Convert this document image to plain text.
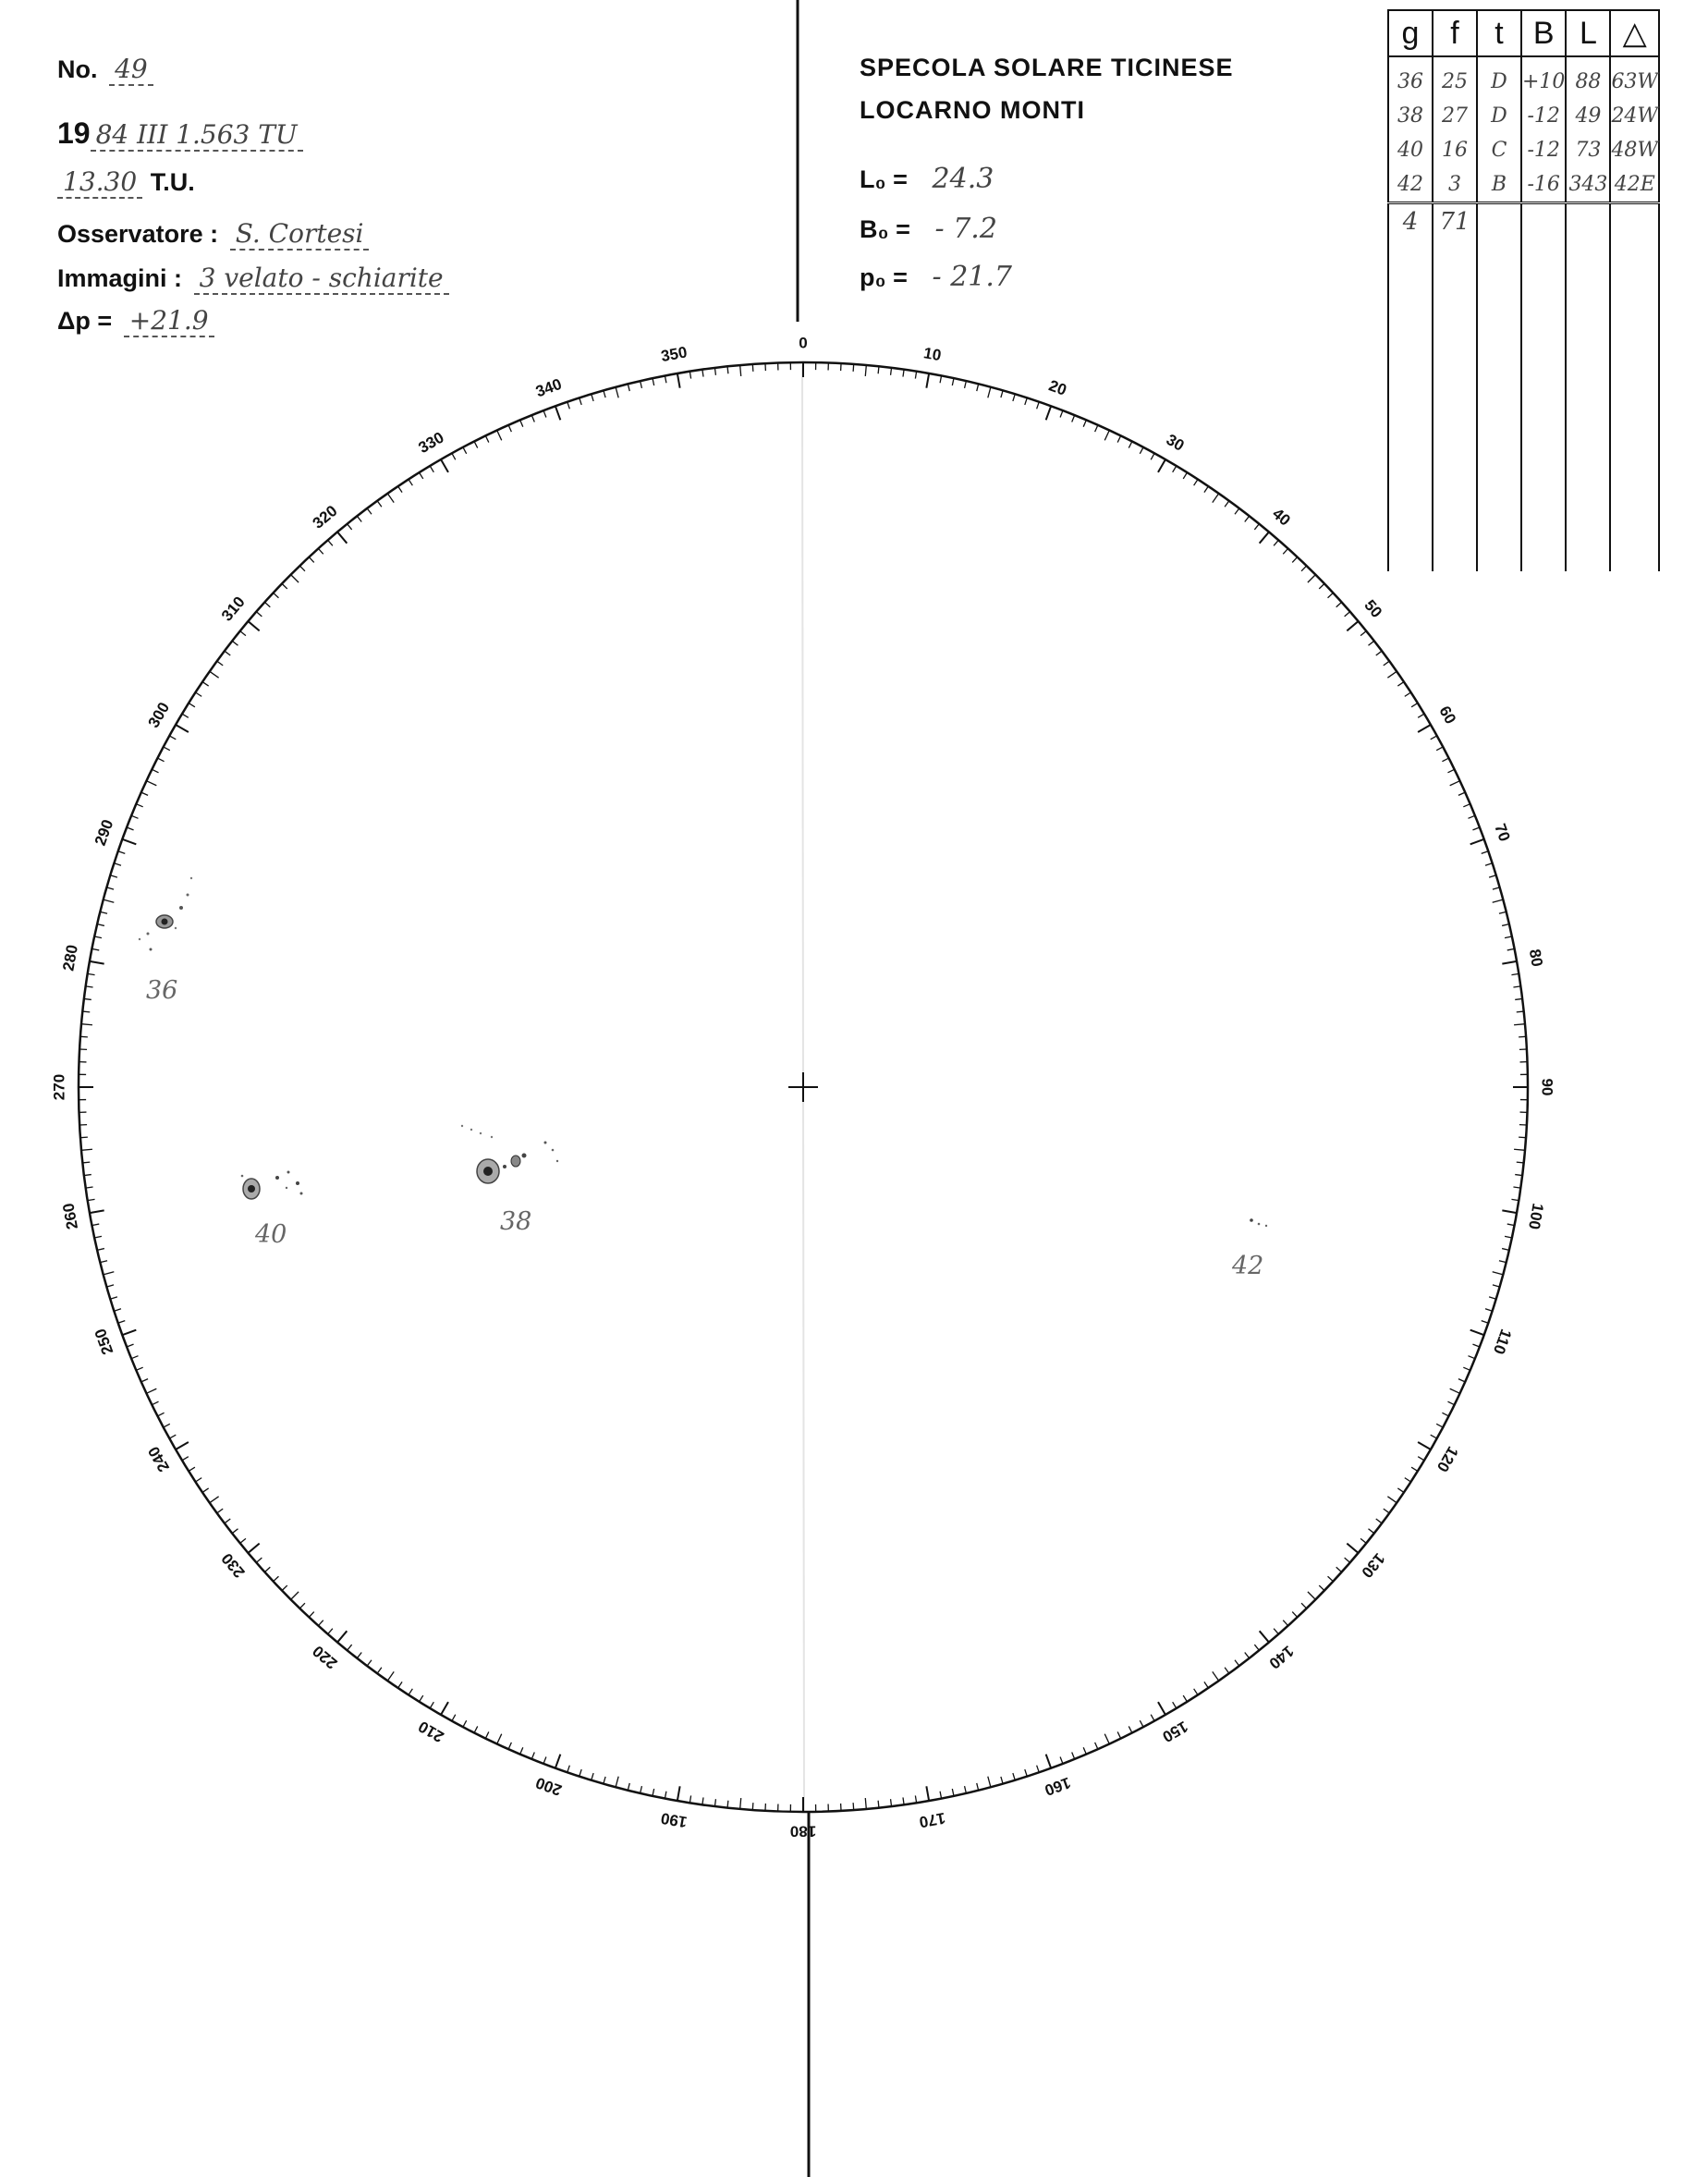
No. 49
19 84 III 1.563 TU
13.30 T.U.
Osservatore : S. Cortesi
Immagini : 3 velato - schiarite
Δp = +21.9
SPECOLA SOLARE TICINESE
LOCARNO MONTI
L₀ = 24.3
B₀ = - 7.2
p₀ = - 21.7
g	f	t	B	L	△
36	25	D	+10	88	63W
38	27	D	-12	49	24W
40	16	C	-12	73	48W
42	3	B	-16	343	42E
4	71				

0
10
20
30
40
50
60
70
80
90
100
110
120
130
140
150
160
170
180
190
200
210
220
230
240
250
260
270
280
290
300
310
320
330
340
350
36
38
40
42
